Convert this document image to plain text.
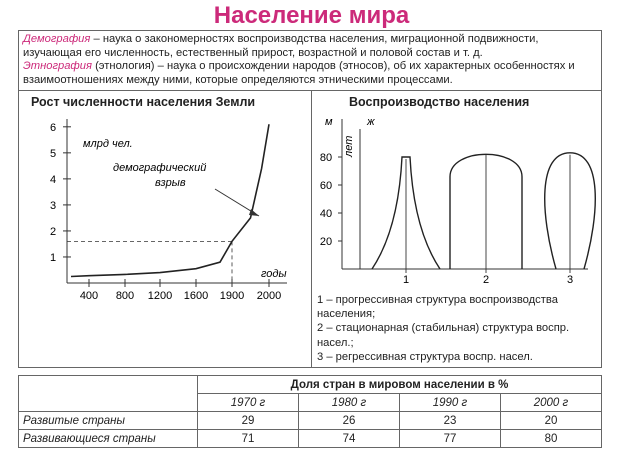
Население мира
Демография – наука о закономерностях воспроизводства населения, миграционной подвижности, изучающая его численность, естественный прирост, возрастной и половой состав и т. д.
Этнография (этнология) – наука о происхождении народов (этносов), об их характерных особенностях и взаимоотношениях между ними, которые определяются этническими процессами.
Рост численности населения Земли	Воспроизводство населения
1
2
3
4
5
6
400 800 1200 1600 1900 2000
млрд чел.
годы
демографический
взрыв
м
лет
ж
20
40
60
80
1	2	3
1 – прогрессивная структура воспроизводства населения;
2 – стационарная (стабильная) структура воспр. насел.;
3 – регрессивная структура воспр. насел.
	Доля стран в мировом населении в %			
	1970 г	1980 г	1990 г	2000 г
Развитые страны	29	26	23	20
Развивающиеся страны	71	74	77	80
